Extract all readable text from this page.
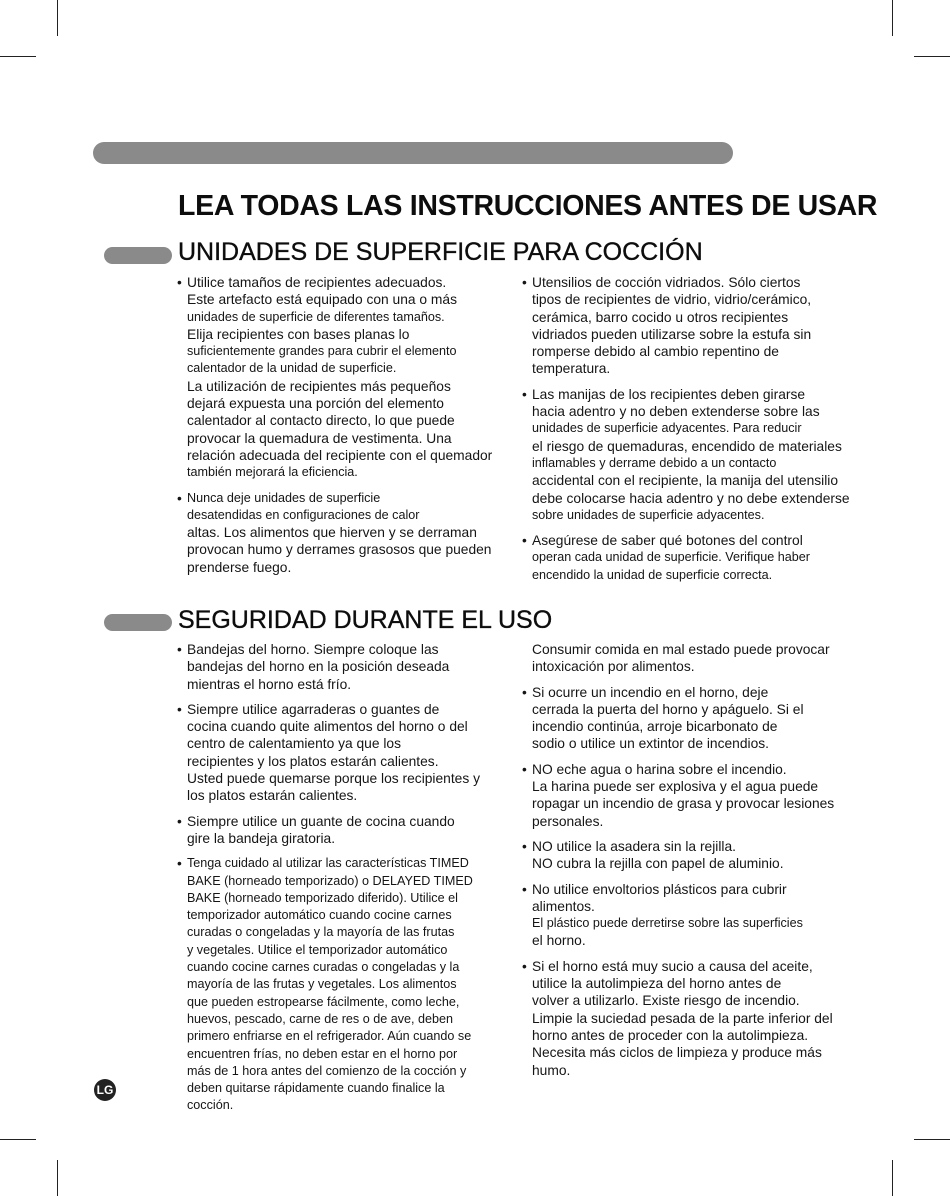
LEA TODAS LAS INSTRUCCIONES ANTES DE USAR
UNIDADES DE SUPERFICIE PARA COCCIÓN
• Utilice tamaños de recipientes adecuados.
Este artefacto está equipado con una o más
unidades de superficie de diferentes tamaños.
Elija recipientes con bases planas lo
suficientemente grandes para cubrir el elemento
calentador de la unidad de superficie.
La utilización de recipientes más pequeños
dejará expuesta una porción del elemento
calentador al contacto directo, lo que puede
provocar la quemadura de vestimenta. Una
relación adecuada del recipiente con el quemador
también mejorará la eficiencia.
• Nunca deje unidades de superficie
desatendidas en configuraciones de calor
altas. Los alimentos que hierven y se derraman
provocan humo y derrames grasosos que pueden
prenderse fuego.
• Utensilios de cocción vidriados. Sólo ciertos
tipos de recipientes de vidrio, vidrio/cerámico,
cerámica, barro cocido u otros recipientes
vidriados pueden utilizarse sobre la estufa sin
romperse debido al cambio repentino de
temperatura.
• Las manijas de los recipientes deben girarse
hacia adentro y no deben extenderse sobre las
unidades de superficie adyacentes. Para reducir
el riesgo de quemaduras, encendido de materiales
inflamables y derrame debido a un contacto
accidental con el recipiente, la manija del utensilio
debe colocarse hacia adentro y no debe extenderse
sobre unidades de superficie adyacentes.
• Asegúrese de saber qué botones del control
operan cada unidad de superficie. Verifique haber
encendido la unidad de superficie correcta.
SEGURIDAD DURANTE EL USO
• Bandejas del horno. Siempre coloque las
bandejas del horno en la posición deseada
mientras el horno está frío.
• Siempre utilice agarraderas o guantes de
cocina cuando quite alimentos del horno o del
centro de calentamiento ya que los
recipientes y los platos estarán calientes.
Usted puede quemarse porque los recipientes y
los platos estarán calientes.
• Siempre utilice un guante de cocina cuando
gire la bandeja giratoria.
• Tenga cuidado al utilizar las características TIMED
BAKE (horneado temporizado) o DELAYED TIMED
BAKE (horneado temporizado diferido). Utilice el
temporizador automático cuando cocine carnes
curadas o congeladas y la mayoría de las frutas
y vegetales. Utilice el temporizador automático
cuando cocine carnes curadas o congeladas y la
mayoría de las frutas y vegetales. Los alimentos
que pueden estropearse fácilmente, como leche,
huevos, pescado, carne de res o de ave, deben
primero enfriarse en el refrigerador. Aún cuando se
encuentren frías, no deben estar en el horno por
más de 1 hora antes del comienzo de la cocción y
deben quitarse rápidamente cuando finalice la
cocción.
Consumir comida en mal estado puede provocar
intoxicación por alimentos.
• Si ocurre un incendio en el horno, deje
cerrada la puerta del horno y apáguelo. Si el
incendio continúa, arroje bicarbonato de
sodio o utilice un extintor de incendios.
• NO eche agua o harina sobre el incendio.
La harina puede ser explosiva y el agua puede
ropagar un incendio de grasa y provocar lesiones
personales.
• NO utilice la asadera sin la rejilla.
NO cubra la rejilla con papel de aluminio.
• No utilice envoltorios plásticos para cubrir
alimentos.
El plástico puede derretirse sobre las superficies
el horno.
• Si el horno está muy sucio a causa del aceite,
utilice la autolimpieza del horno antes de
volver a utilizarlo. Existe riesgo de incendio.
Limpie la suciedad pesada de la parte inferior del
horno antes de proceder con la autolimpieza.
Necesita más ciclos de limpieza y produce más
humo.
LG
